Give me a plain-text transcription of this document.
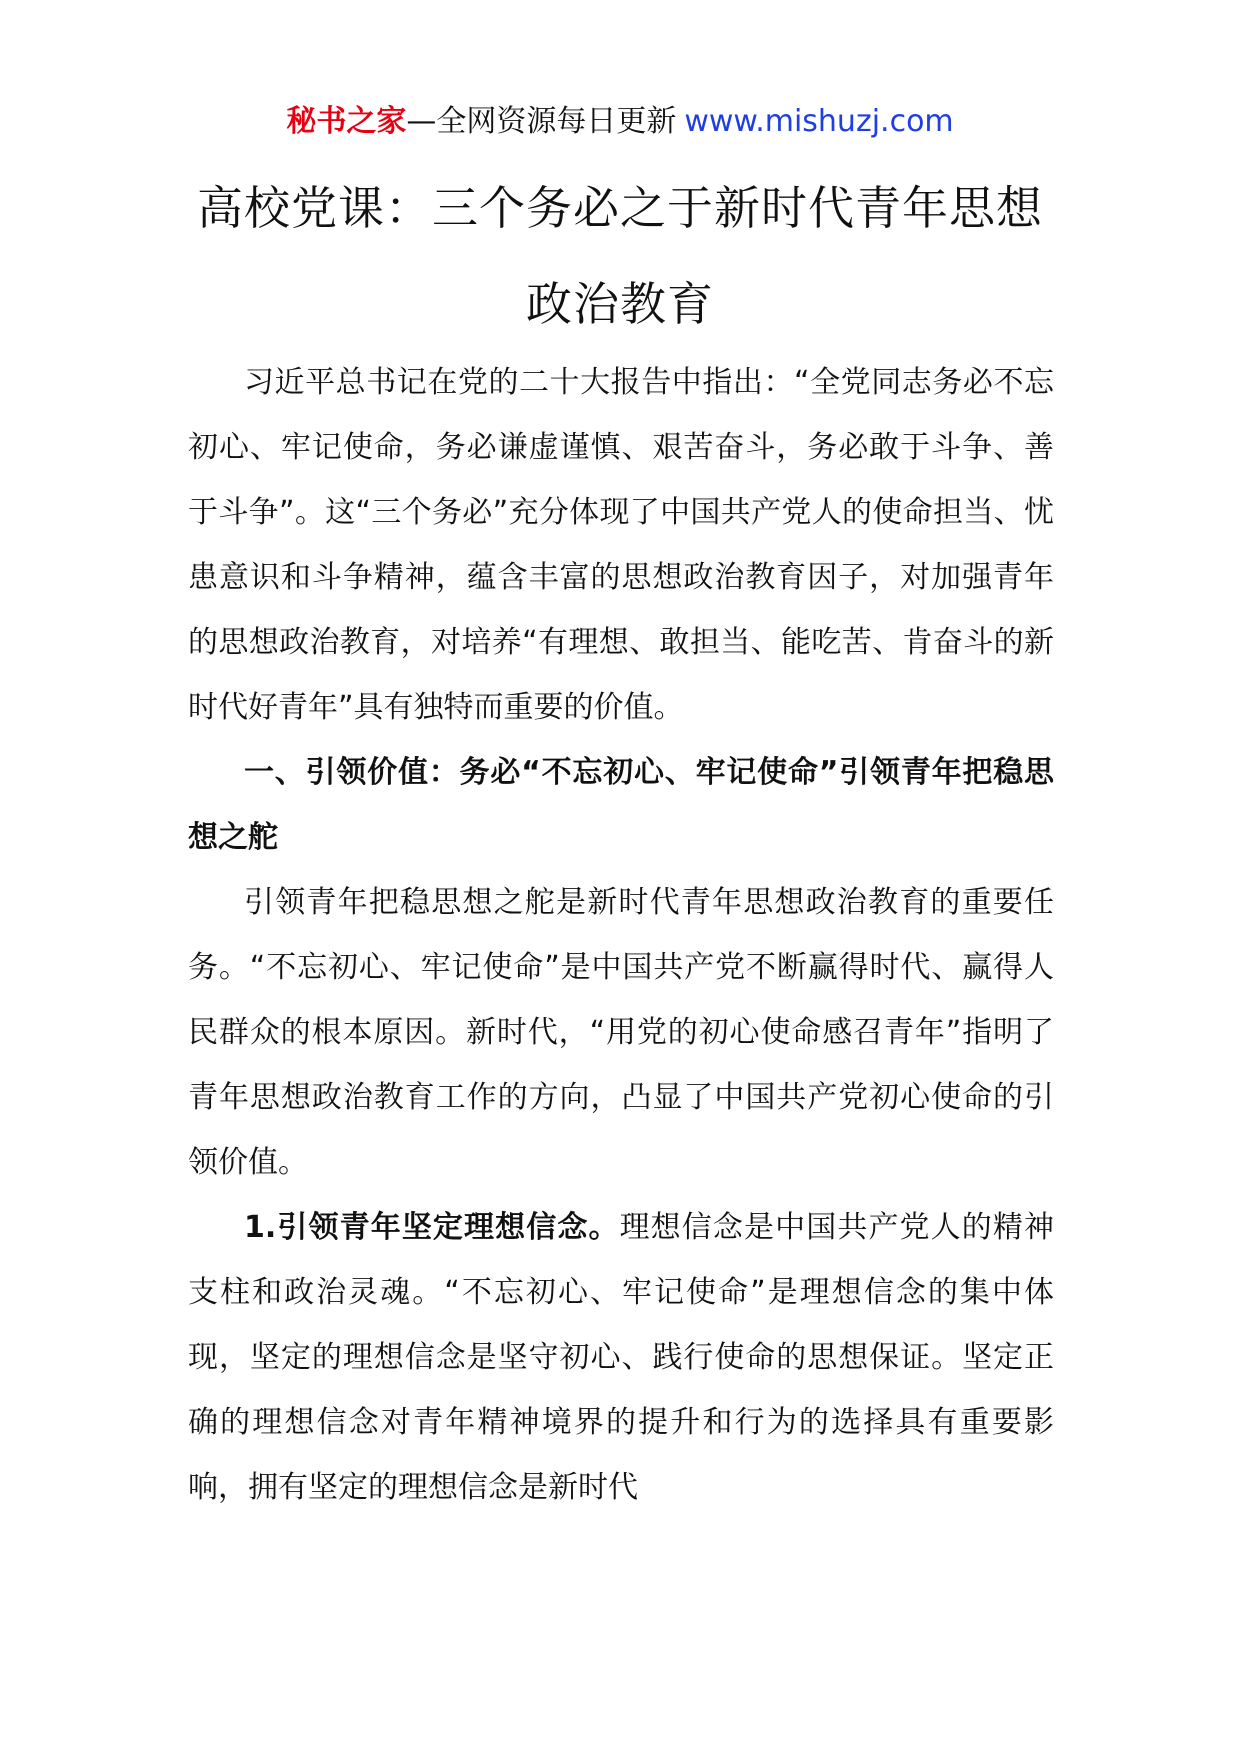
秘书之家—全网资源每日更新 www.mishuzj.com
高校党课：三个务必之于新时代青年思想
政治教育

习近平总书记在党的二十大报告中指出：“全党同志务必不忘初心、牢记使命，务必谦虚谨慎、艰苦奋斗，务必敢于斗争、善于斗争”。这“三个务必”充分体现了中国共产党人的使命担当、忧患意识和斗争精神，蕴含丰富的思想政治教育因子，对加强青年的思想政治教育，对培养“有理想、敢担当、能吃苦、肯奋斗的新时代好青年”具有独特而重要的价值。

一、引领价值：务必“不忘初心、牢记使命”引领青年把稳思想之舵

引领青年把稳思想之舵是新时代青年思想政治教育的重要任务。“不忘初心、牢记使命”是中国共产党不断赢得时代、赢得人民群众的根本原因。新时代，“用党的初心使命感召青年”指明了青年思想政治教育工作的方向，凸显了中国共产党初心使命的引领价值。

1.引领青年坚定理想信念。理想信念是中国共产党人的精神支柱和政治灵魂。“不忘初心、牢记使命”是理想信念的集中体现，坚定的理想信念是坚守初心、践行使命的思想保证。坚定正确的理想信念对青年精神境界的提升和行为的选择具有重要影响，拥有坚定的理想信念是新时代
